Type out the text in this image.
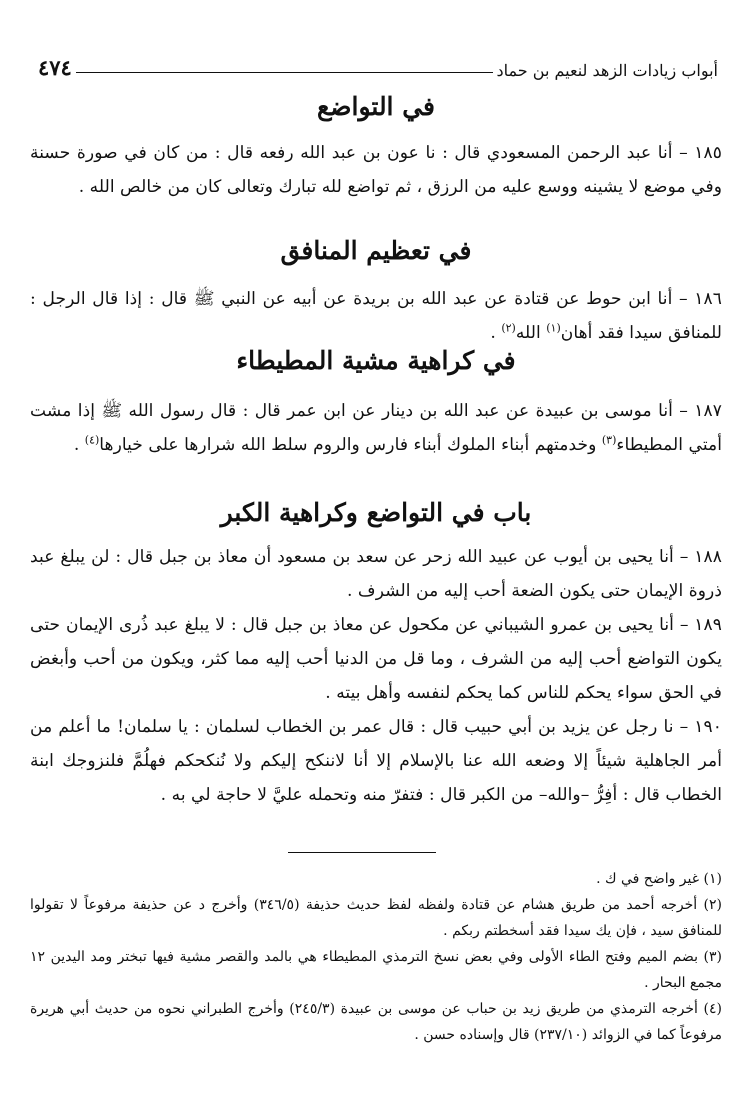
أبواب زيادات الزهد لنعيم بن حماد
٤٧٤
في التواضع
١٨٥ – أنا عبد الرحمن المسعودي قال : نا عون بن عبد الله رفعه قال : من كان في صورة حسنة وفي موضع لا يشينه ووسع عليه من الرزق ، ثم تواضع لله تبارك وتعالى كان من خالص الله .
في تعظيم المنافق
١٨٦ – أنا ابن حوط عن قتادة عن عبد الله بن بريدة عن أبيه عن النبي ﷺ قال : إذا قال الرجل : للمنافق سيدا فقد أهان$^{(١)}$ الله$^{(٢)}$ .
في كراهية مشية المطيطاء
١٨٧ – أنا موسى بن عبيدة عن عبد الله بن دينار عن ابن عمر قال : قال رسول الله ﷺ إذا مشت أمتي المطيطاء$^{(٣)}$ وخدمتهم أبناء الملوك أبناء فارس والروم سلط الله شرارها على خيارها$^{(٤)}$ .
باب في التواضع وكراهية الكبر
١٨٨ – أنا يحيى بن أيوب عن عبيد الله زحر عن سعد بن مسعود أن معاذ بن جبل قال : لن يبلغ عبد ذروة الإيمان حتى يكون الضعة أحب إليه من الشرف .
١٨٩ – أنا يحيى بن عمرو الشيباني عن مكحول عن معاذ بن جبل قال : لا يبلغ عبد ذُرى الإيمان حتى يكون التواضع أحب إليه من الشرف ، وما قل من الدنيا أحب إليه مما كثر، ويكون من أحب وأبغض في الحق سواء يحكم للناس كما يحكم لنفسه وأهل بيته .
١٩٠ – نا رجل عن يزيد بن أبي حبيب قال : قال عمر بن الخطاب لسلمان : يا سلمان! ما أعلم من أمر الجاهلية شيئاً إلا وضعه الله عنا بالإسلام إلا أنا لاننكح إليكم ولا نُنكحكم فهلُمَّ فلنزوجك ابنة الخطاب قال : أفِرُّ –والله– من الكبر قال : فتفرّ منه وتحمله عليَّ لا حاجة لي به .

(١) غير واضح في ك .

(٢) أخرجه أحمد من طريق هشام عن قتادة ولفظه لفظ حديث حذيفة (٣٤٦/٥) وأخرج د عن حذيفة مرفوعاً لا تقولوا للمنافق سيد ، فإن يك سيدا فقد أسخطتم ربكم .

(٣) بضم الميم وفتح الطاء الأولى وفي بعض نسخ الترمذي المطيطاء هي بالمد والقصر مشية فيها تبختر ومد اليدين ١٢ مجمع البحار .

(٤) أخرجه الترمذي من طريق زيد بن حباب عن موسى بن عبيدة (٢٤٥/٣) وأخرج الطبراني نحوه من حديث أبي هريرة مرفوعاً كما في الزوائد (٢٣٧/١٠) قال وإسناده حسن .
